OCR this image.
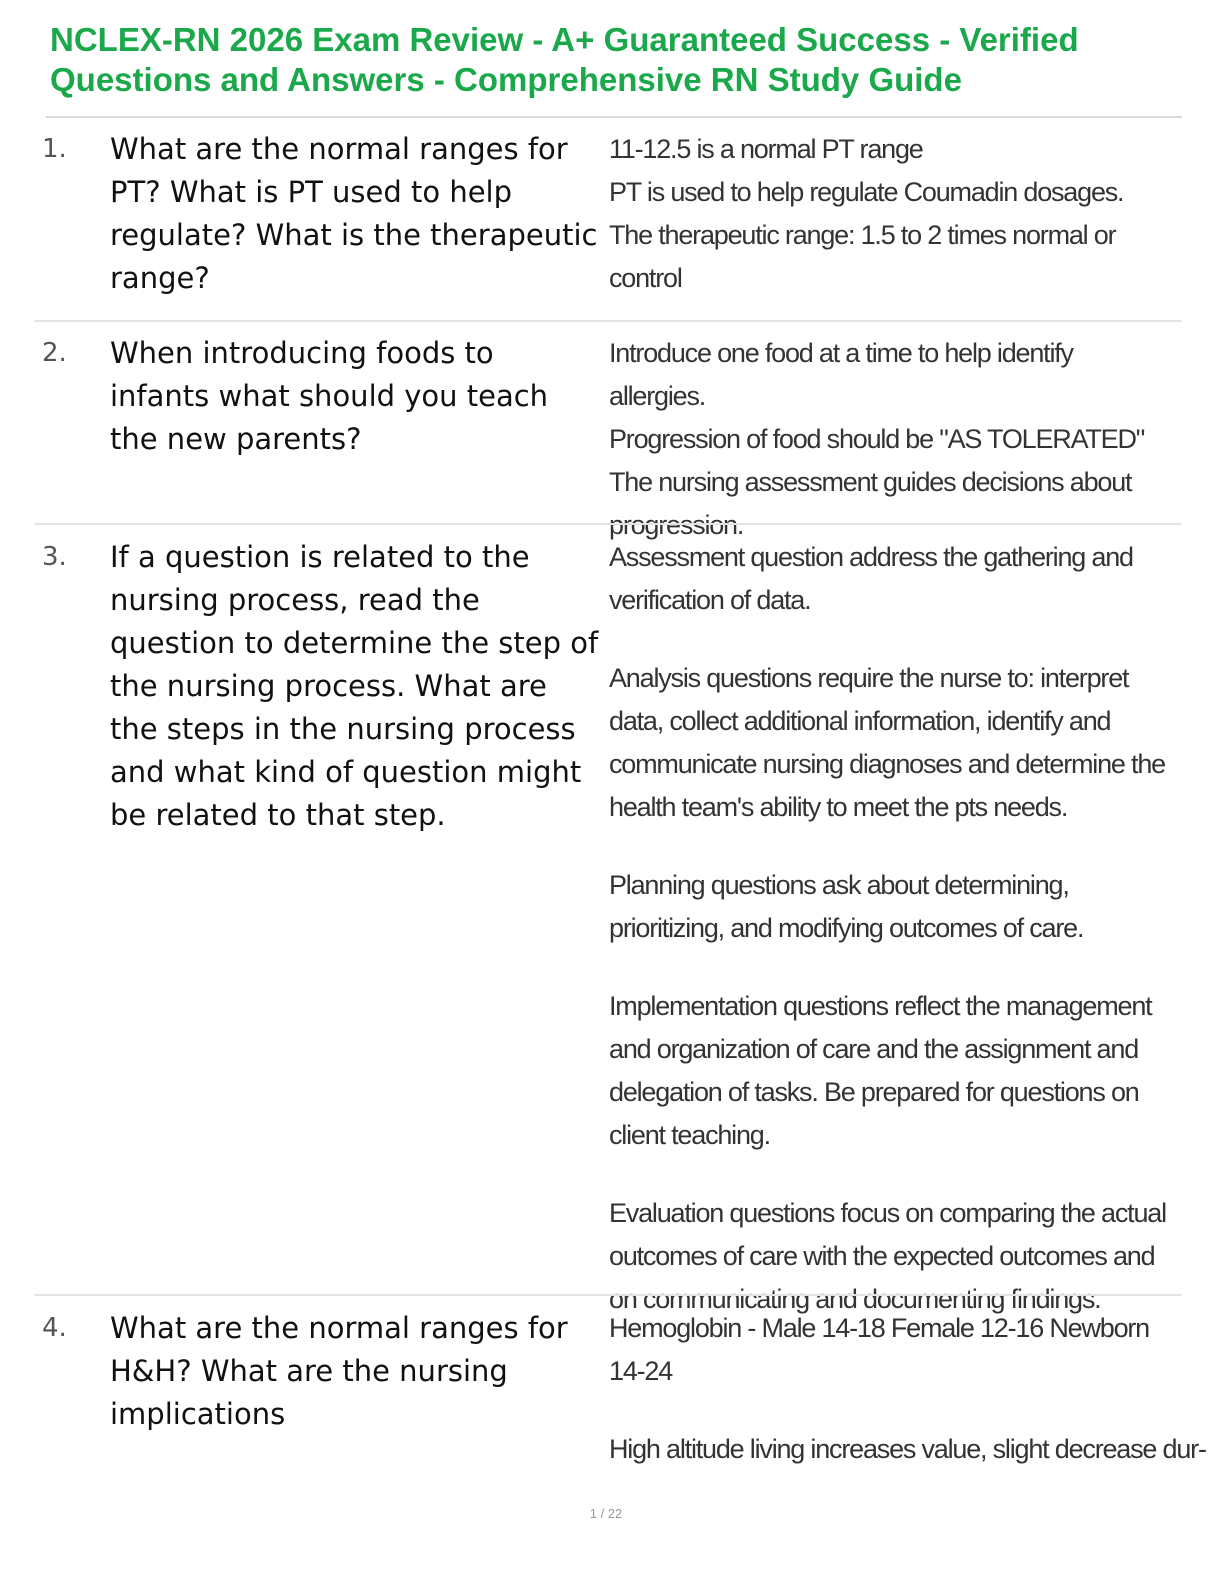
NCLEX-RN 2026 Exam Review - A+ Guaranteed Success - Verified Questions and Answers - Comprehensive RN Study Guide
1. What are the normal ranges for PT? What is PT used to help regulate? What is the therapeutic range?

11-12.5 is a normal PT range
PT is used to help regulate Coumadin dosages. The therapeutic range: 1.5 to 2 times normal or control

2. When introducing foods to infants what should you teach the new parents?

Introduce one food at a time to help identify allergies.
Progression of food should be "AS TOLERATED"
The nursing assessment guides decisions about progression.

3. If a question is related to the nursing process, read the question to determine the step of the nursing process. What are the steps in the nursing process and what kind of question might be related to that step.

Assessment question address the gathering and verification of data.

Analysis questions require the nurse to: interpret data, collect additional information, identify and communicate nursing diagnoses and determine the health team's ability to meet the pts needs.

Planning questions ask about determining, prioritizing, and modifying outcomes of care.

Implementation questions reflect the management and organization of care and the assignment and delegation of tasks. Be prepared for questions on client teaching.

Evaluation questions focus on comparing the actual outcomes of care with the expected outcomes and on communicating and documenting findings.

4. What are the normal ranges for H&H? What are the nursing implications

Hemoglobin - Male 14-18 Female 12-16 Newborn 14-24

High altitude living increases value, slight decrease dur-

1 / 22
